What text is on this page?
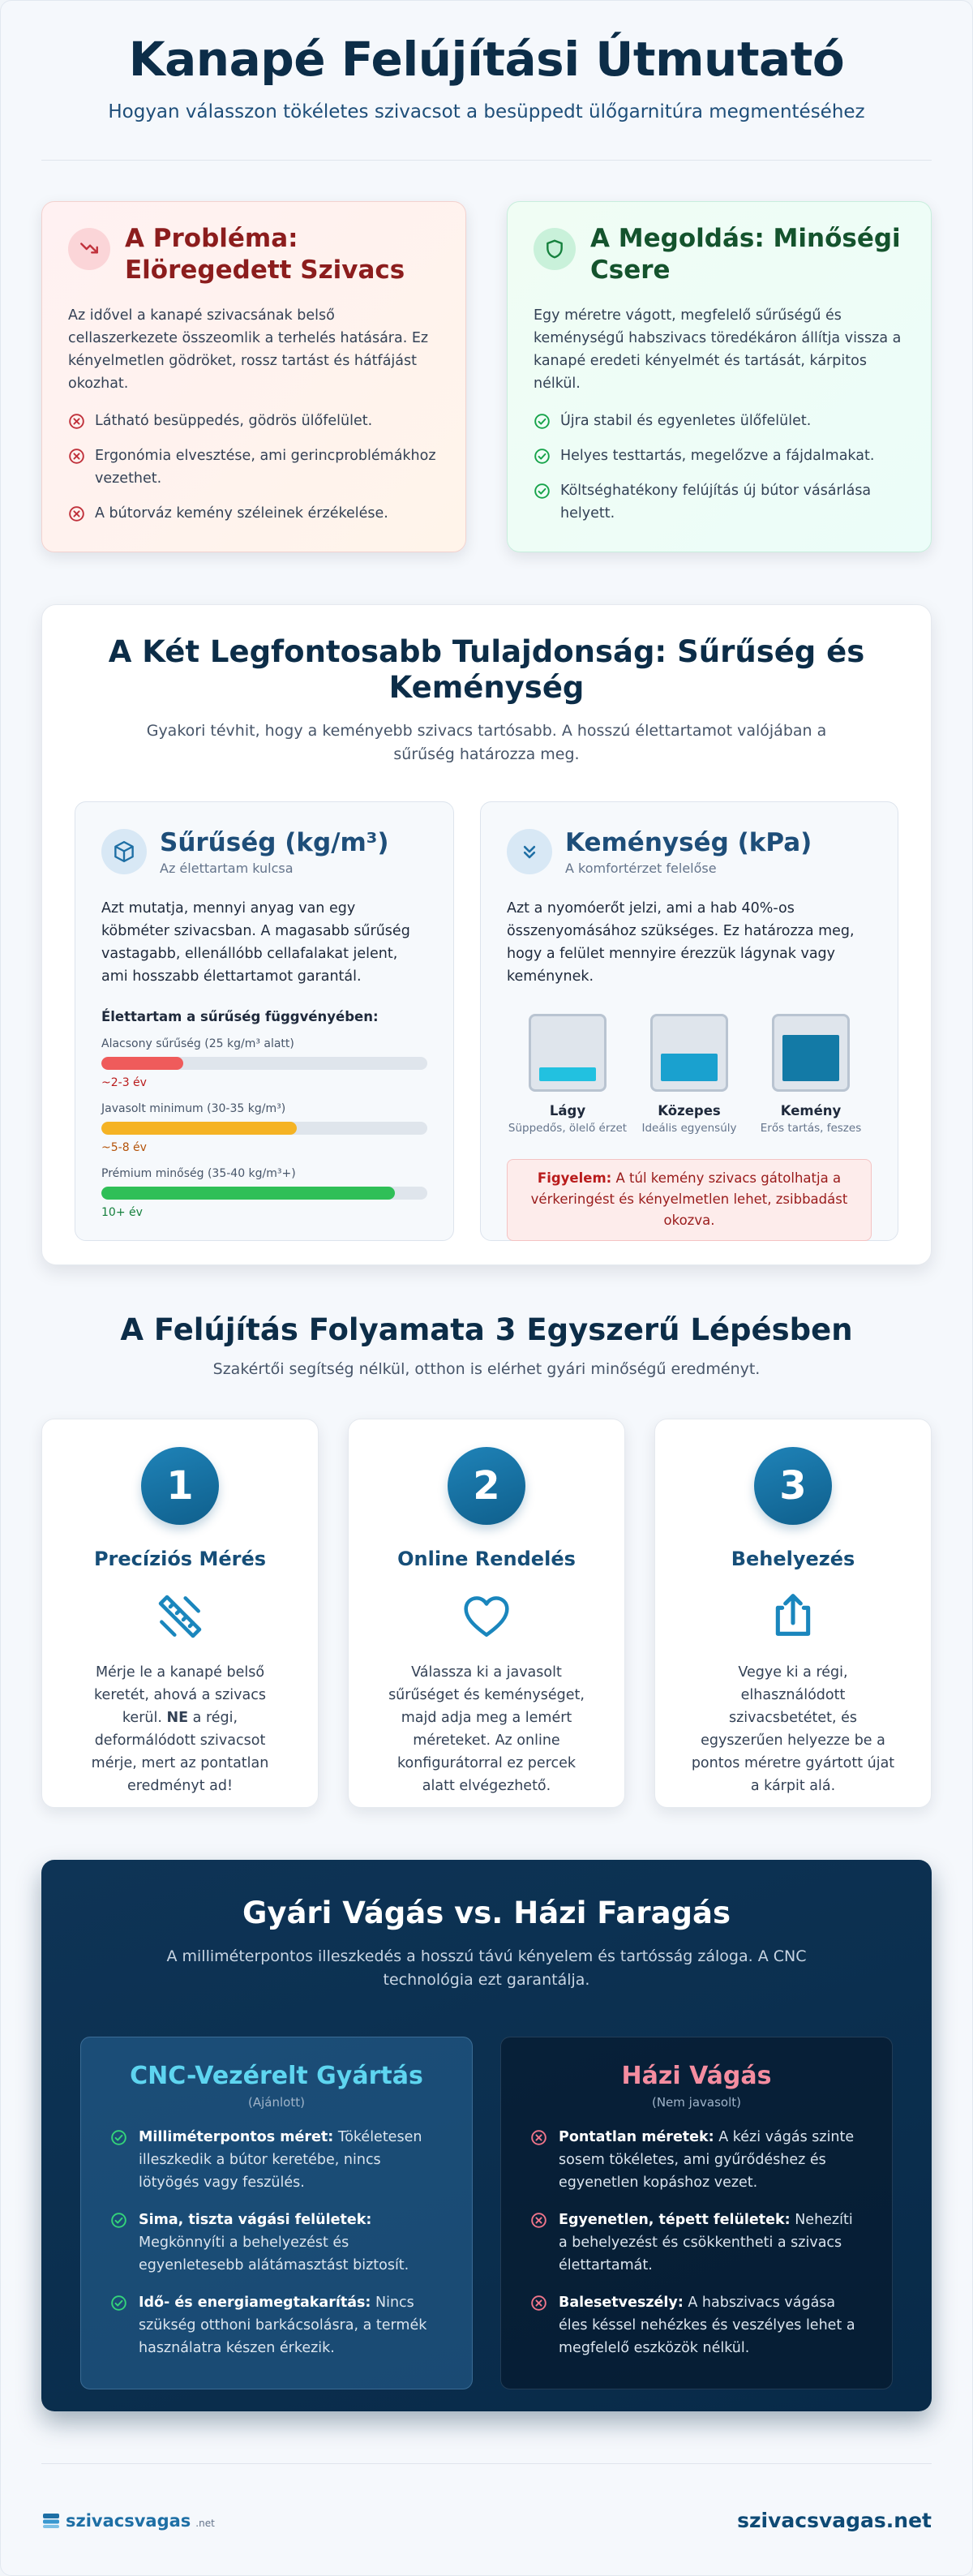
Kanapé Felújítási Útmutató

Hogyan válasszon tökéletes szivacsot a besüppedt ülőgarnitúra megmentéséhez

A Probléma: Elöregedett Szivacs

Az idővel a kanapé szivacsának belső cellaszerkezete összeomlik a terhelés hatására. Ez kényelmetlen gödröket, rossz tartást és hátfájást okozhat.

Látható besüppedés, gödrös ülőfelület.
Ergonómia elvesztése, ami gerincproblémákhoz vezethet.
A bútorváz kemény széleinek érzékelése.
A Megoldás: Minőségi Csere

Egy méretre vágott, megfelelő sűrűségű és keménységű habszivacs töredékáron állítja vissza a kanapé eredeti kényelmét és tartását, kárpitos nélkül.

Újra stabil és egyenletes ülőfelület.
Helyes testtartás, megelőzve a fájdalmakat.
Költséghatékony felújítás új bútor vásárlása helyett.
A Két Legfontosabb Tulajdonság: Sűrűség és Keménység

Gyakori tévhit, hogy a keményebb szivacs tartósabb. A hosszú élettartamot valójában a sűrűség határozza meg.

Sűrűség (kg/m³)
Az élettartam kulcsa

Azt mutatja, mennyi anyag van egy köbméter szivacsban. A magasabb sűrűség vastagabb, ellenállóbb cellafalakat jelent, ami hosszabb élettartamot garantál.

Élettartam a sűrűség függvényében:
Alacsony sűrűség (25 kg/m³ alatt)
~2-3 év
Javasolt minimum (30-35 kg/m³)
~5-8 év
Prémium minőség (35-40 kg/m³+)
10+ év
Keménység (kPa)
A komfortérzet felelőse

Azt a nyomóerőt jelzi, ami a hab 40%-os összenyomásához szükséges. Ez határozza meg, hogy a felület mennyire érezzük lágynak vagy keménynek.

Lágy
Süppedős, ölelő érzet
Közepes
Ideális egyensúly
Kemény
Erős tartás, feszes
Figyelem: A túl kemény szivacs gátolhatja a vérkeringést és kényelmetlen lehet, zsibbadást okozva.
A Felújítás Folyamata 3 Egyszerű Lépésben

Szakértői segítség nélkül, otthon is elérhet gyári minőségű eredményt.

1
Precíziós Mérés

Mérje le a kanapé belső keretét, ahová a szivacs kerül. NE a régi, deformálódott szivacsot mérje, mert az pontatlan eredményt ad!

2
Online Rendelés

Válassza ki a javasolt sűrűséget és keménységet, majd adja meg a lemért méreteket. Az online konfigurátorral ez percek alatt elvégezhető.

3
Behelyezés

Vegye ki a régi, elhasználódott szivacsbetétet, és egyszerűen helyezze be a pontos méretre gyártott újat a kárpit alá.

Gyári Vágás vs. Házi Faragás

A milliméterpontos illeszkedés a hosszú távú kényelem és tartósság záloga. A CNC technológia ezt garantálja.

CNC-Vezérelt Gyártás
(Ajánlott)
Milliméterpontos méret: Tökéletesen illeszkedik a bútor keretébe, nincs lötyögés vagy feszülés.
Sima, tiszta vágási felületek: Megkönnyíti a behelyezést és egyenletesebb alátámasztást biztosít.
Idő- és energiamegtakarítás: Nincs szükség otthoni barkácsolásra, a termék használatra készen érkezik.
Házi Vágás
(Nem javasolt)
Pontatlan méretek: A kézi vágás szinte sosem tökéletes, ami gyűrődéshez és egyenetlen kopáshoz vezet.
Egyenetlen, tépett felületek: Nehezíti a behelyezést és csökkentheti a szivacs élettartamát.
Balesetveszély: A habszivacs vágása éles késsel nehézkes és veszélyes lehet a megfelelő eszközök nélkül.
szivacsvagas .net	szivacsvagas.net
